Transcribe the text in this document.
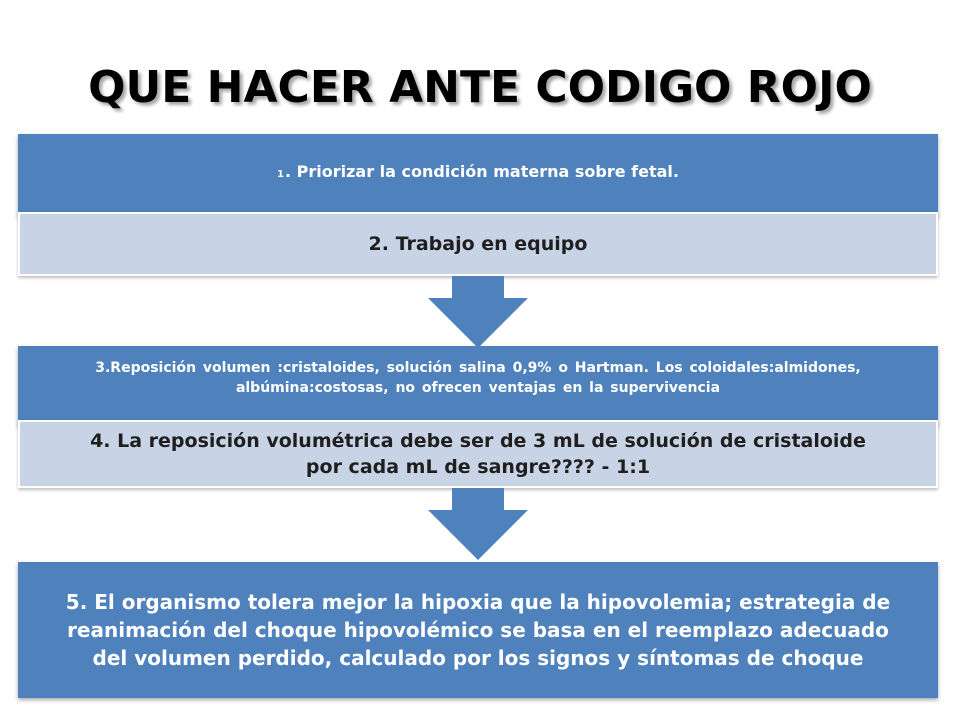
QUE HACER ANTE CODIGO ROJO
1. Priorizar la condición materna sobre fetal.
2. Trabajo en equipo
3.Reposición volumen :cristaloides, solución salina 0,9% o Hartman. Los coloidales:almidones, albúmina:costosas, no ofrecen ventajas en la supervivencia
4. La reposición volumétrica debe ser de 3 mL de solución de cristaloide por cada mL de sangre???? - 1:1
5. El organismo tolera mejor la hipoxia que la hipovolemia; estrategia de reanimación del choque hipovolémico se basa en el reemplazo adecuado del volumen perdido, calculado por los signos y síntomas de choque
